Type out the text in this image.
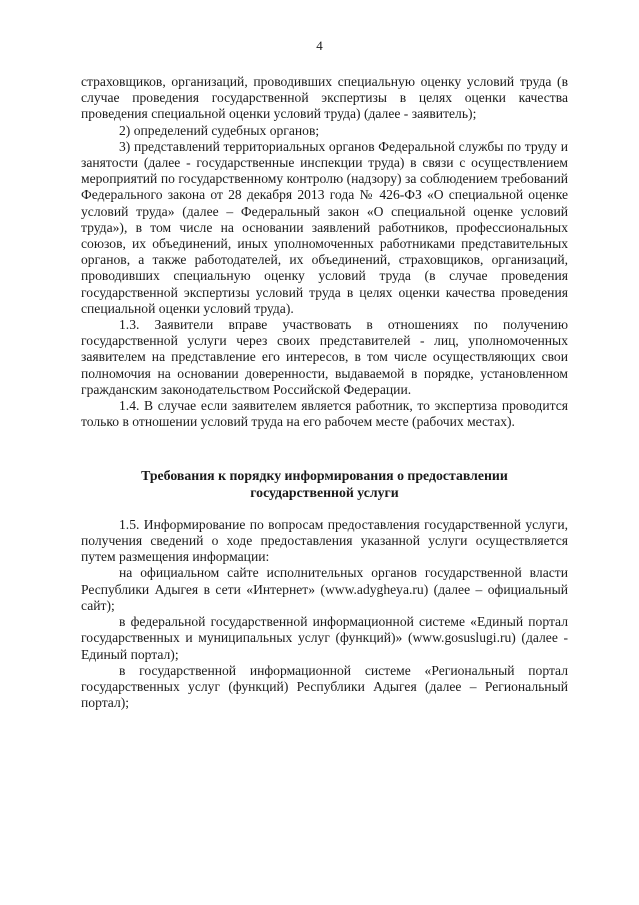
4

страховщиков, организаций, проводивших специальную оценку условий труда (в случае проведения государственной экспертизы в целях оценки качества проведения специальной оценки условий труда) (далее - заявитель);

2) определений судебных органов;

3) представлений территориальных органов Федеральной службы по труду и занятости (далее - государственные инспекции труда) в связи с осуществлением мероприятий по государственному контролю (надзору) за соблюдением требований Федерального закона от 28 декабря 2013 года № 426-ФЗ «О специальной оценке условий труда» (далее – Федеральный закон «О специальной оценке условий труда»), в том числе на основании заявлений работников, профессиональных союзов, их объединений, иных уполномоченных работниками представительных органов, а также работодателей, их объединений, страховщиков, организаций, проводивших специальную оценку условий труда (в случае проведения государственной экспертизы условий труда в целях оценки качества проведения специальной оценки условий труда).

1.3. Заявители вправе участвовать в отношениях по получению государственной услуги через своих представителей - лиц, уполномоченных заявителем на представление его интересов, в том числе осуществляющих свои полномочия на основании доверенности, выдаваемой в порядке, установленном гражданским законодательством Российской Федерации.

1.4. В случае если заявителем является работник, то экспертиза проводится только в отношении условий труда на его рабочем месте (рабочих местах).

Требования к порядку информирования о предоставлении

государственной услуги

1.5. Информирование по вопросам предоставления государственной услуги, получения сведений о ходе предоставления указанной услуги осуществляется путем размещения информации:

на официальном сайте исполнительных органов государственной власти Республики Адыгея в сети «Интернет» (www.adygheya.ru) (далее – официальный сайт);

в федеральной государственной информационной системе «Единый портал государственных и муниципальных услуг (функций)» (www.gosuslugi.ru) (далее - Единый портал);

в государственной информационной системе «Региональный портал государственных услуг (функций) Республики Адыгея (далее – Региональный портал);
